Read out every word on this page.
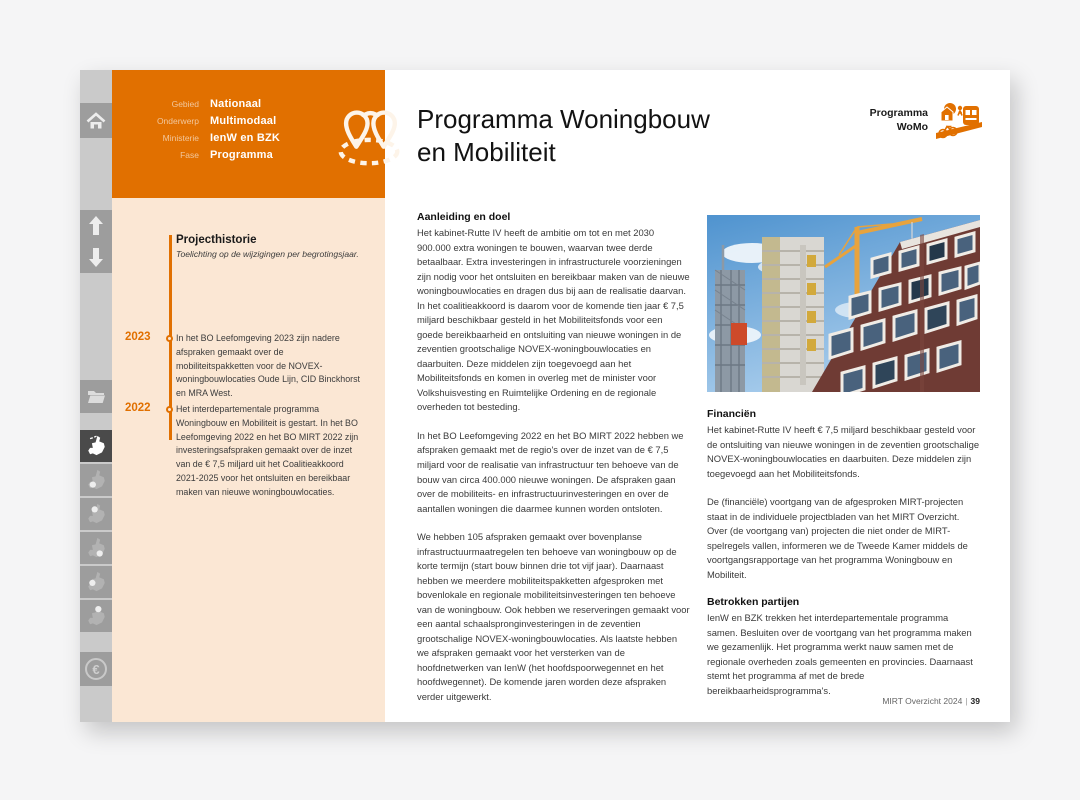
€
Gebied Nationaal
Onderwerp Multimodaal
Ministerie IenW en BZK
Fase Programma
Projecthistorie
Toelichting op de wijzigingen per begrotingsjaar.
2023	In het BO Leefomgeving 2023 zijn nadere afspraken gemaakt over de mobiliteitspakketten voor de NOVEX-woningbouwlocaties Oude Lijn, CID Binckhorst en MRA West.
2022	Het interdepartementale programma Woningbouw en Mobiliteit is gestart. In het BO Leefomgeving 2022 en het BO MIRT 2022 zijn investeringsafspraken gemaakt over de inzet van de € 7,5 miljard uit het Coalitieakkoord 2021-2025 voor het ontsluiten en bereikbaar maken van nieuwe woningbouwlocaties.
Programma Woningbouw en Mobiliteit
Programma
WoMo
Aanleiding en doel

Het kabinet-Rutte IV heeft de ambitie om tot en met 2030 900.000 extra woningen te bouwen, waarvan twee derde betaalbaar. Extra investeringen in infrastructurele voorzieningen zijn nodig voor het ontsluiten en bereikbaar maken van de nieuwe woningbouwlocaties en dragen dus bij aan de realisatie daarvan. In het coalitieakkoord is daarom voor de komende tien jaar € 7,5 miljard beschikbaar gesteld in het Mobiliteitsfonds voor een goede bereikbaarheid en ontsluiting van nieuwe woningen in de zeventien grootschalige NOVEX-woningbouwlocaties en daarbuiten. Deze middelen zijn toegevoegd aan het Mobiliteitsfonds en komen in overleg met de minister voor Volkshuisvesting en Ruimtelijke Ordening en de regionale overheden tot besteding.

In het BO Leefomgeving 2022 en het BO MIRT 2022 hebben we afspraken gemaakt met de regio's over de inzet van de € 7,5 miljard voor de realisatie van infrastructuur ten behoeve van de bouw van circa 400.000 nieuwe woningen. De afspraken gaan over de mobiliteits- en infrastructuurinvesteringen en over de aantallen woningen die daarmee kunnen worden ontsloten.

We hebben 105 afspraken gemaakt over bovenplanse infrastructuurmaatregelen ten behoeve van woningbouw op de korte termijn (start bouw binnen drie tot vijf jaar). Daarnaast hebben we meerdere mobiliteitspakketten afgesproken met bovenlokale en regionale mobiliteitsinvesteringen ten behoeve van de woningbouw. Ook hebben we reserveringen gemaakt voor een aantal schaalspronginvesteringen in de zeventien grootschalige NOVEX-woningbouwlocaties. Als laatste hebben we afspraken gemaakt voor het versterken van de hoofdnetwerken van IenW (het hoofdspoorwegennet en het hoofdwegennet). De komende jaren worden deze afspraken verder uitgewerkt.

Financiën

Het kabinet-Rutte IV heeft € 7,5 miljard beschikbaar gesteld voor de ontsluiting van nieuwe woningen in de zeventien grootschalige NOVEX-woningbouwlocaties en daarbuiten. Deze middelen zijn toegevoegd aan het Mobiliteitsfonds.

De (financiële) voortgang van de afgesproken MIRT-projecten staat in de individuele projectbladen van het MIRT Overzicht. Over (de voortgang van) projecten die niet onder de MIRT-spelregels vallen, informeren we de Tweede Kamer middels de voortgangsrapportage van het programma Woningbouw en Mobiliteit.

Betrokken partijen

IenW en BZK trekken het interdepartementale programma samen. Besluiten over de voortgang van het programma maken we gezamenlijk. Het programma werkt nauw samen met de regionale overheden zoals gemeenten en provincies. Daarnaast stemt het programma af met de brede bereikbaarheidsprogramma's.

MIRT Overzicht 2024 | 39
